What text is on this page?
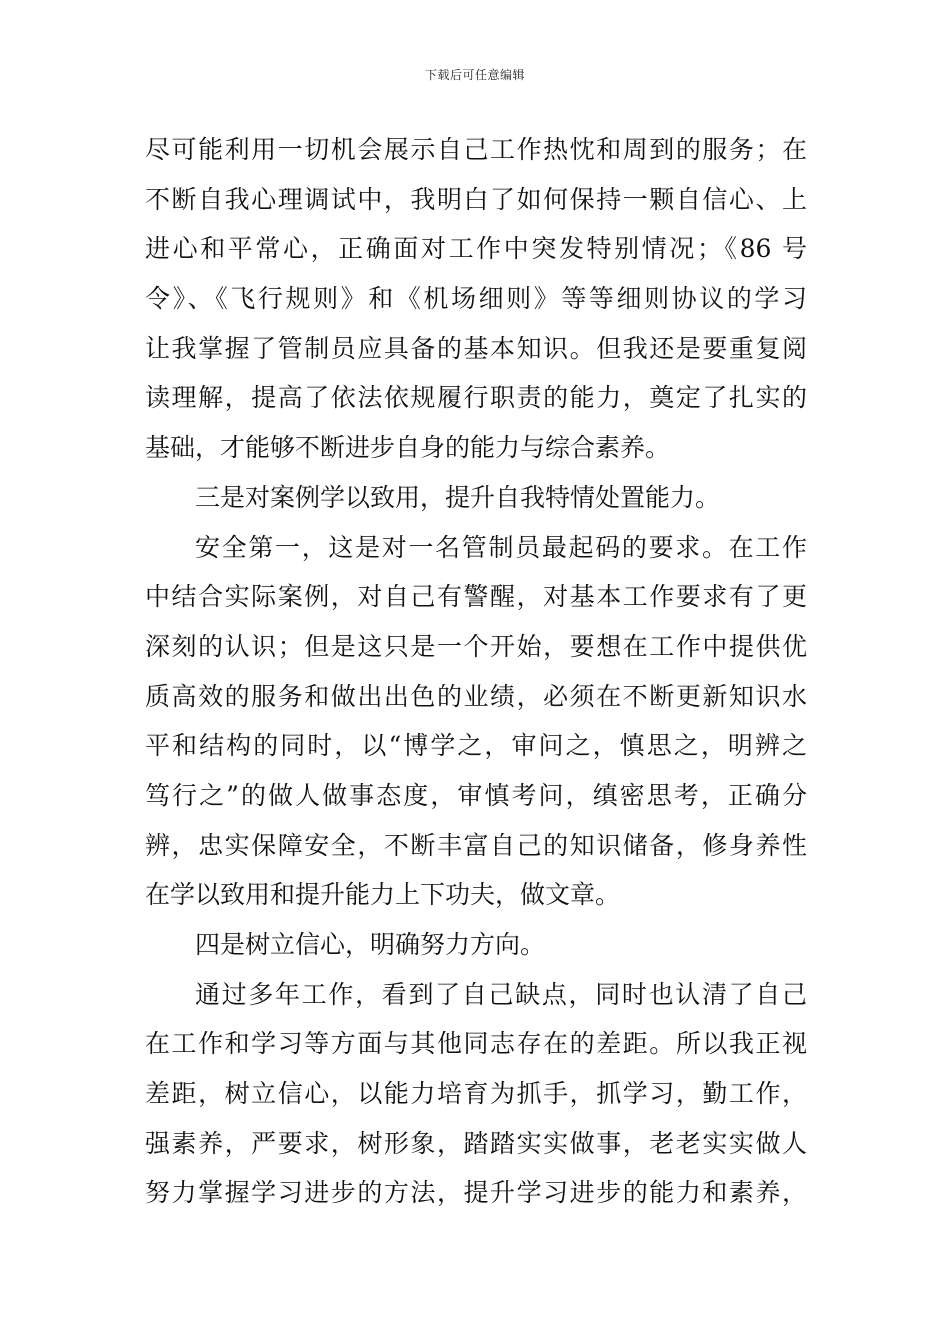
下载后可任意编辑
尽可能利用一切机会展示自己工作热忱和周到的服务；在
不断自我心理调试中，我明白了如何保持一颗自信心、上
进心和平常心，正确面对工作中突发特别情况；《86 号
令》、《飞行规则》和《机场细则》等等细则协议的学习
让我掌握了管制员应具备的基本知识。但我还是要重复阅
读理解，提高了依法依规履行职责的能力，奠定了扎实的
基础，才能够不断进步自身的能力与综合素养。
三是对案例学以致用，提升自我特情处置能力。
安全第一，这是对一名管制员最起码的要求。在工作
中结合实际案例，对自己有警醒，对基本工作要求有了更
深刻的认识；但是这只是一个开始，要想在工作中提供优
质高效的服务和做出出色的业绩，必须在不断更新知识水
平和结构的同时，以“博学之，审问之，慎思之，明辨之
笃行之”的做人做事态度，审慎考问，缜密思考，正确分
辨，忠实保障安全，不断丰富自己的知识储备，修身养性
在学以致用和提升能力上下功夫，做文章。
四是树立信心，明确努力方向。
通过多年工作，看到了自己缺点，同时也认清了自己
在工作和学习等方面与其他同志存在的差距。所以我正视
差距，树立信心，以能力培育为抓手，抓学习，勤工作，
强素养，严要求，树形象，踏踏实实做事，老老实实做人
努力掌握学习进步的方法，提升学习进步的能力和素养，
